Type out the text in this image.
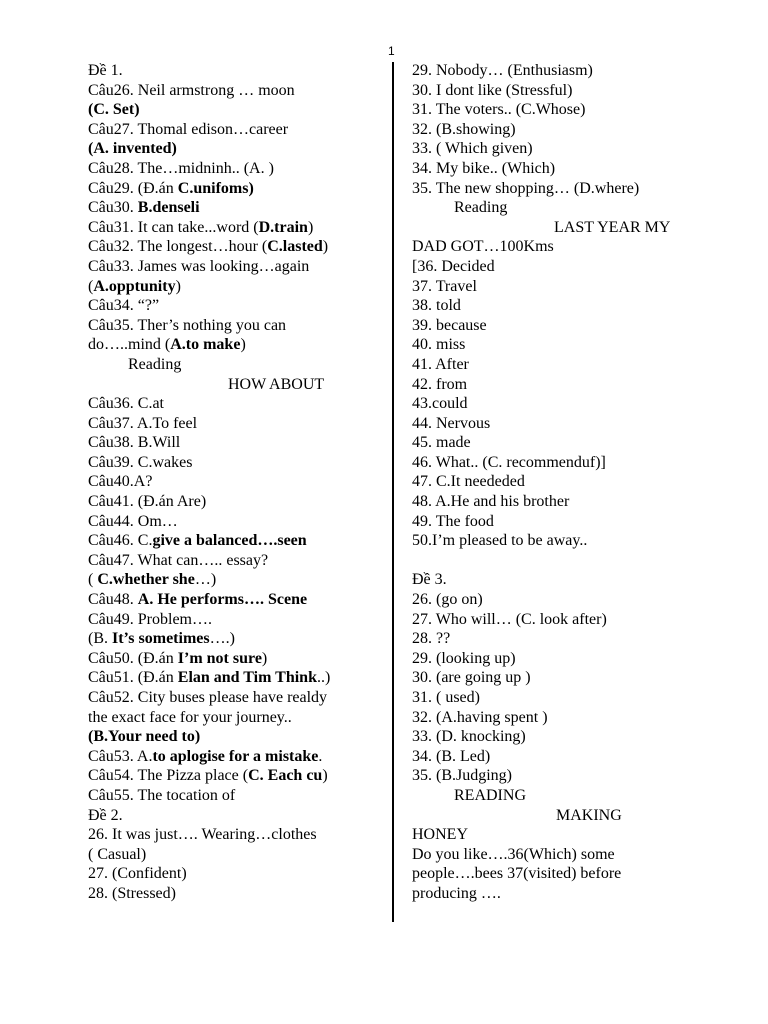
1
Đề 1.
Câu26. Neil armstrong … moon
(C. Set)
Câu27. Thomal edison…career
(A. invented)
Câu28. The…midninh.. (A. )
Câu29. (Đ.án C.unifoms)
Câu30. B.denseli
Câu31. It can take...word (D.train)
Câu32. The longest…hour (C.lasted)
Câu33. James was looking…again
(A.opptunity)
Câu34. “?”
Câu35. Ther’s nothing you can
do…..mind (A.to make)
Reading
HOW ABOUT
Câu36. C.at
Câu37. A.To feel
Câu38. B.Will
Câu39. C.wakes
Câu40.A?
Câu41. (Đ.án Are)
Câu44. Om…
Câu46. C.give a balanced….seen
Câu47. What can….. essay?
( C.whether she…)
Câu48. A. He performs…. Scene
Câu49. Problem….
(B. It’s sometimes….)
Câu50. (Đ.án I’m not sure)
Câu51. (Đ.án Elan and Tim Think..)
Câu52. City buses please have realdy
the exact face for your journey..
(B.Your need to)
Câu53. A.to aplogise for a mistake.
Câu54. The Pizza place (C. Each cu)
Câu55. The tocation of
Đề 2.
26. It was just…. Wearing…clothes
( Casual)
27. (Confident)
28. (Stressed)
29. Nobody… (Enthusiasm)
30. I dont like (Stressful)
31. The voters.. (C.Whose)
32. (B.showing)
33. ( Which given)
34. My bike.. (Which)
35. The new shopping… (D.where)
Reading
LAST YEAR MY
DAD GOT…100Kms
[36. Decided
37. Travel
38. told
39. because
40. miss
41. After
42. from
43.could
44. Nervous
45. made
46. What.. (C. recommenduf)]
47. C.It neededed
48. A.He and his brother
49. The food
50.I’m pleased to be away..
Đề 3.
26. (go on)
27. Who will… (C. look after)
28. ??
29. (looking up)
30. (are going up )
31. ( used)
32. (A.having spent )
33. (D. knocking)
34. (B. Led)
35. (B.Judging)
READING
MAKING
HONEY
Do you like….36(Which) some
people….bees 37(visited) before
producing ….
